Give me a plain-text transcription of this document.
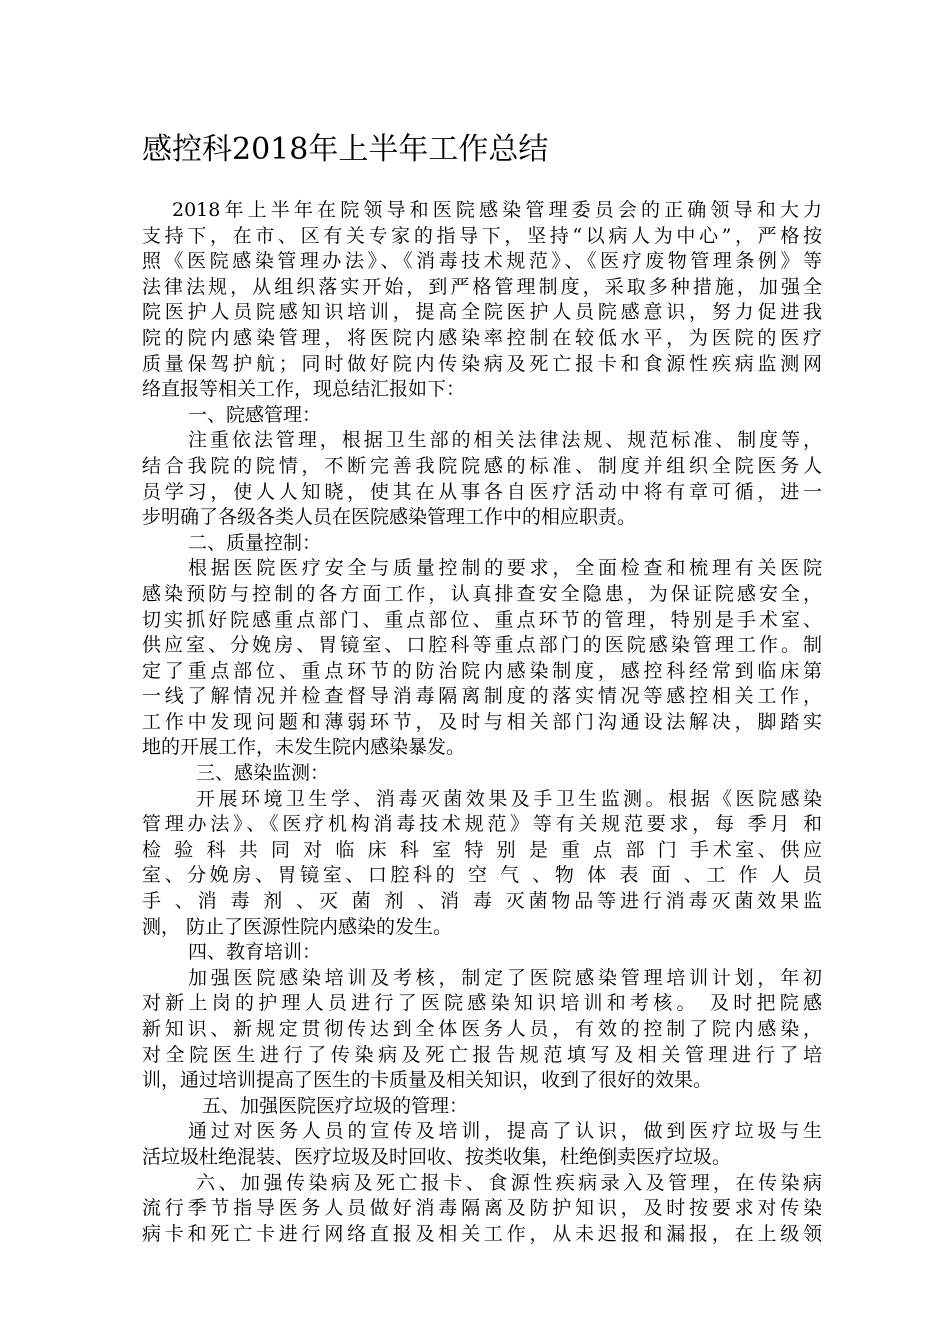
感控科2018年上半年工作总结
2018年上半年在院领导和医院感染管理委员会的正确领导和大力
支持下，在市、区有关专家的指导下，坚持“以病人为中心”，严格按
照《医院感染管理办法》、《消毒技术规范》、《医疗废物管理条例》等
法律法规，从组织落实开始，到严格管理制度，采取多种措施，加强全
院医护人员院感知识培训，提高全院医护人员院感意识，努力促进我
院的院内感染管理，将医院内感染率控制在较低水平，为医院的医疗
质量保驾护航；同时做好院内传染病及死亡报卡和食源性疾病监测网
络直报等相关工作，现总结汇报如下：
一、院感管理：
注重依法管理，根据卫生部的相关法律法规、规范标准、制度等，
结合我院的院情，不断完善我院院感的标准、制度并组织全院医务人
员学习，使人人知晓，使其在从事各自医疗活动中将有章可循，进一
步明确了各级各类人员在医院感染管理工作中的相应职责。
二、质量控制：
根据医院医疗安全与质量控制的要求，全面检查和梳理有关医院
感染预防与控制的各方面工作，认真排查安全隐患，为保证院感安全，
切实抓好院感重点部门、重点部位、重点环节的管理，特别是手术室、
供应室、分娩房、胃镜室、口腔科等重点部门的医院感染管理工作。制
定了重点部位、重点环节的防治院内感染制度，感控科经常到临床第
一线了解情况并检查督导消毒隔离制度的落实情况等感控相关工作，
工作中发现问题和薄弱环节，及时与相关部门沟通设法解决，脚踏实
地的开展工作，未发生院内感染暴发。
三、感染监测：
开展环境卫生学、消毒灭菌效果及手卫生监测。根据《医院感染
管理办法》、《医疗机构消毒技术规范》等有关规范要求，每 季月 和
检 验 科 共 同 对 临 床 科 室 特 别 是 重 点 部 门 手术室、供应
室、分娩房、胃镜室、口腔科的 空 气 、物 体 表 面 、工 作 人 员
手 、消 毒 剂 、灭 菌 剂 、消 毒 灭菌物品等进行消毒灭菌效果监
测， 防止了医源性院内感染的发生。
四、教育培训：
加强医院感染培训及考核，制定了医院感染管理培训计划，年初
对新上岗的护理人员进行了医院感染知识培训和考核。 及时把院感
新知识、新规定贯彻传达到全体医务人员，有效的控制了院内感染，
对全院医生进行了传染病及死亡报告规范填写及相关管理进行了培
训，通过培训提高了医生的卡质量及相关知识，收到了很好的效果。
五、加强医院医疗垃圾的管理：
通过对医务人员的宣传及培训，提高了认识，做到医疗垃圾与生
活垃圾杜绝混装、医疗垃圾及时回收、按类收集，杜绝倒卖医疗垃圾。
六、加强传染病及死亡报卡、食源性疾病录入及管理，在传染病
流行季节指导医务人员做好消毒隔离及防护知识，及时按要求对传染
病卡和死亡卡进行网络直报及相关工作，从未迟报和漏报，在上级领
